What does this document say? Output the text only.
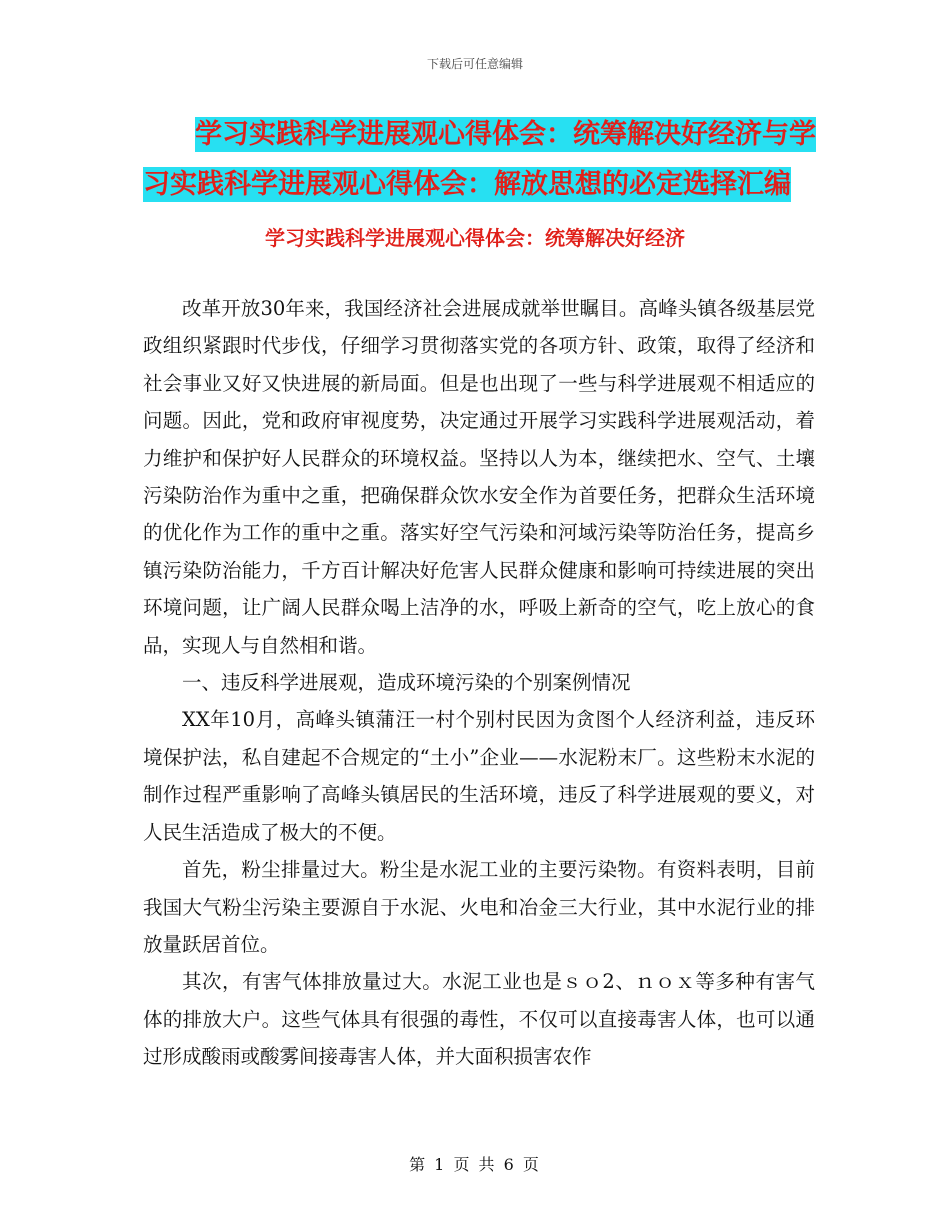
下载后可任意编辑
学习实践科学进展观心得体会：统筹解决好经济与学
习实践科学进展观心得体会：解放思想的必定选择汇编
学习实践科学进展观心得体会：统筹解决好经济

改革开放30年来，我国经济社会进展成就举世瞩目。高峰头镇各级基层党政组织紧跟时代步伐，仔细学习贯彻落实党的各项方针、政策，取得了经济和社会事业又好又快进展的新局面。但是也出现了一些与科学进展观不相适应的问题。因此，党和政府审视度势，决定通过开展学习实践科学进展观活动，着力维护和保护好人民群众的环境权益。坚持以人为本，继续把水、空气、土壤污染防治作为重中之重，把确保群众饮水安全作为首要任务，把群众生活环境的优化作为工作的重中之重。落实好空气污染和河域污染等防治任务，提高乡镇污染防治能力，千方百计解决好危害人民群众健康和影响可持续进展的突出环境问题，让广阔人民群众喝上洁净的水，呼吸上新奇的空气，吃上放心的食品，实现人与自然相和谐。

一、违反科学进展观，造成环境污染的个别案例情况

XX年10月，高峰头镇蒲汪一村个别村民因为贪图个人经济利益，违反环境保护法，私自建起不合规定的“土小”企业——水泥粉末厂。这些粉末水泥的制作过程严重影响了高峰头镇居民的生活环境，违反了科学进展观的要义，对人民生活造成了极大的不便。

首先，粉尘排量过大。粉尘是水泥工业的主要污染物。有资料表明，目前我国大气粉尘污染主要源自于水泥、火电和冶金三大行业，其中水泥行业的排放量跃居首位。

其次，有害气体排放量过大。水泥工业也是ｓｏ2、ｎｏｘ等多种有害气体的排放大户。这些气体具有很强的毒性，不仅可以直接毒害人体，也可以通过形成酸雨或酸雾间接毒害人体，并大面积损害农作

第 1 页 共 6 页
